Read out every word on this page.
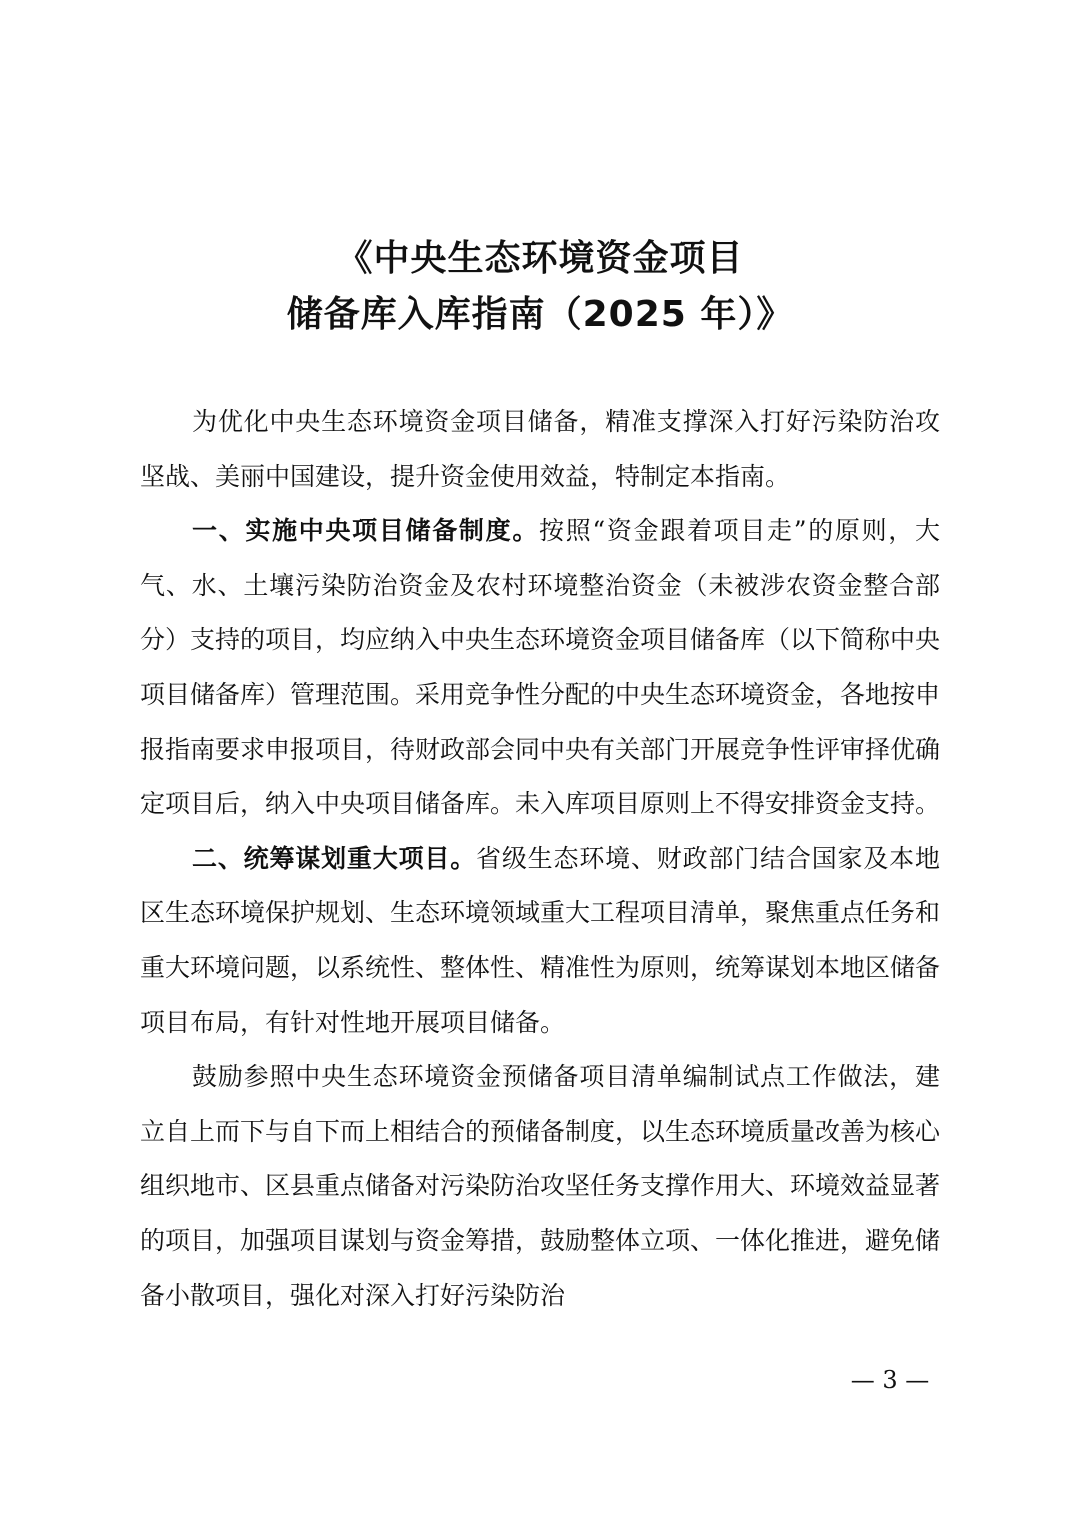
《中央生态环境资金项目
储备库入库指南（2025 年）》

为优化中央生态环境资金项目储备，精准支撑深入打好污染防治攻坚战、美丽中国建设，提升资金使用效益，特制定本指南。

一、实施中央项目储备制度。按照“资金跟着项目走”的原则，大气、水、土壤污染防治资金及农村环境整治资金（未被涉农资金整合部分）支持的项目，均应纳入中央生态环境资金项目储备库（以下简称中央项目储备库）管理范围。采用竞争性分配的中央生态环境资金，各地按申报指南要求申报项目，待财政部会同中央有关部门开展竞争性评审择优确定项目后，纳入中央项目储备库。未入库项目原则上不得安排资金支持。

二、统筹谋划重大项目。省级生态环境、财政部门结合国家及本地区生态环境保护规划、生态环境领域重大工程项目清单，聚焦重点任务和重大环境问题，以系统性、整体性、精准性为原则，统筹谋划本地区储备项目布局，有针对性地开展项目储备。

鼓励参照中央生态环境资金预储备项目清单编制试点工作做法，建立自上而下与自下而上相结合的预储备制度，以生态环境质量改善为核心组织地市、区县重点储备对污染防治攻坚任务支撑作用大、环境效益显著的项目，加强项目谋划与资金筹措，鼓励整体立项、一体化推进，避免储备小散项目，强化对深入打好污染防治

— 3 —
